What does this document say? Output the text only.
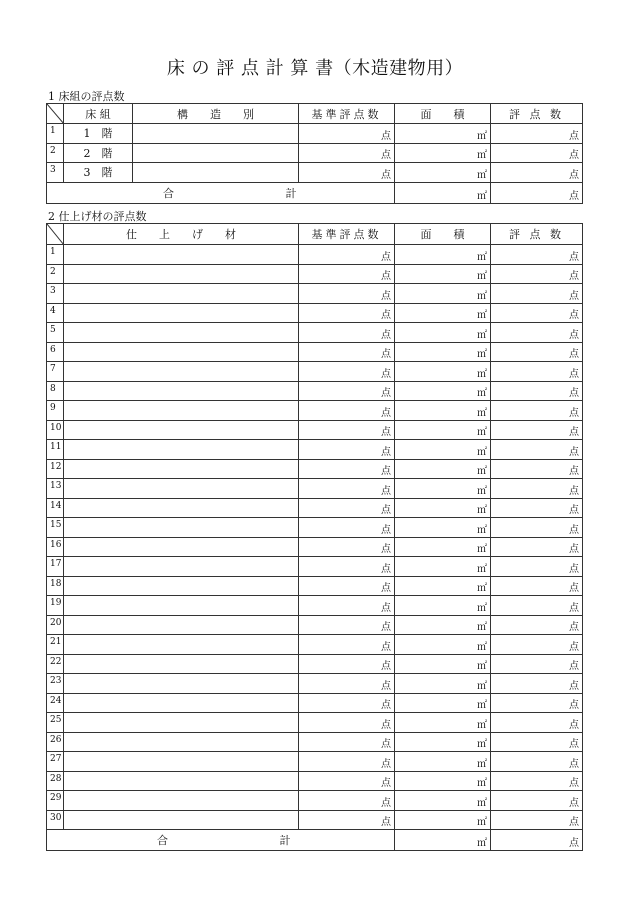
床 の 評 点 計 算 書（木造建物用）
1 床組の評点数
	床 組	構　　造　　別	基準評点数	面　　積	評 点 数
1	1　階		点	㎡	点
2	2　階		点	㎡	点
3	3　階		点	㎡	点
合 計				㎡	点
2 仕上げ材の評点数
	仕　　上　　げ　　材	基準評点数	面　　積	評 点 数
1		点	㎡	点
2		点	㎡	点
3		点	㎡	点
4		点	㎡	点
5		点	㎡	点
6		点	㎡	点
7		点	㎡	点
8		点	㎡	点
9		点	㎡	点
10		点	㎡	点
11		点	㎡	点
12		点	㎡	点
13		点	㎡	点
14		点	㎡	点
15		点	㎡	点
16		点	㎡	点
17		点	㎡	点
18		点	㎡	点
19		点	㎡	点
20		点	㎡	点
21		点	㎡	点
22		点	㎡	点
23		点	㎡	点
24		点	㎡	点
25		点	㎡	点
26		点	㎡	点
27		点	㎡	点
28		点	㎡	点
29		点	㎡	点
30		点	㎡	点
合 計			㎡	点
